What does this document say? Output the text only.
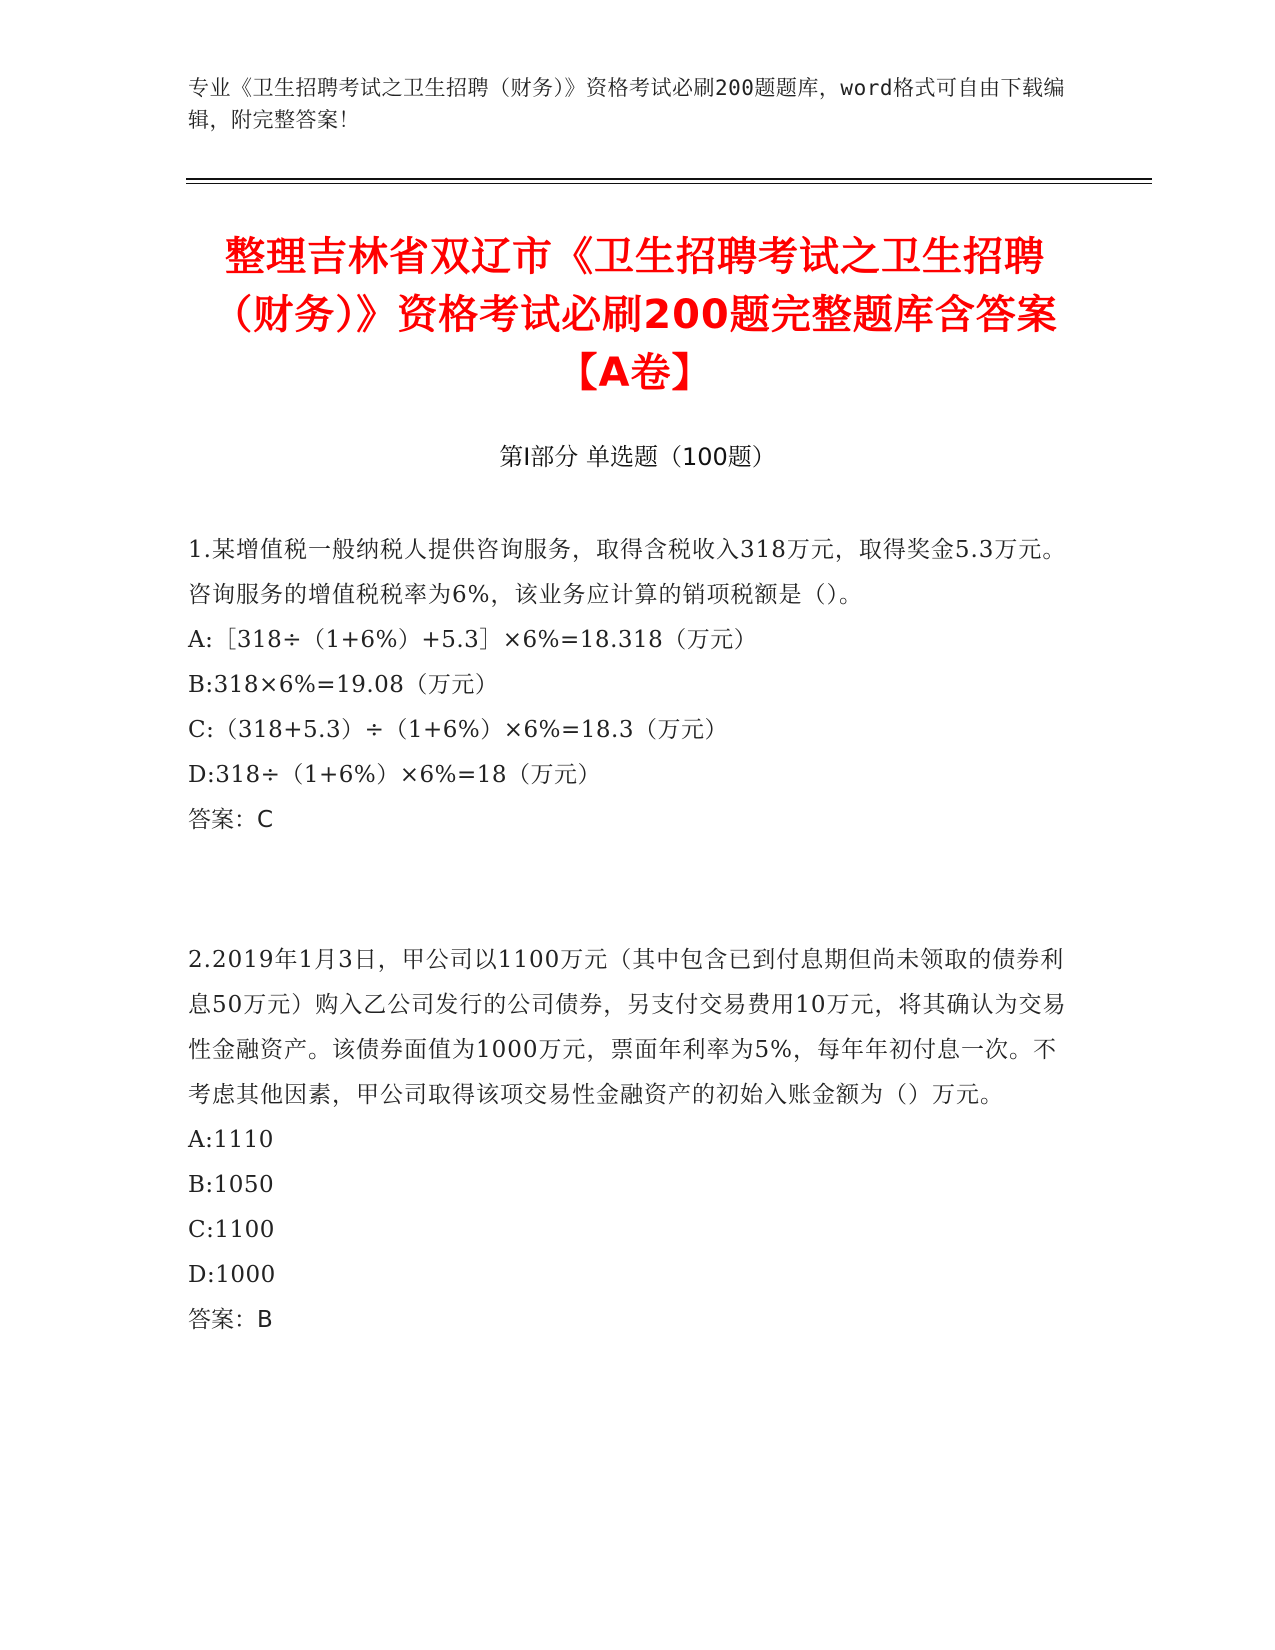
专业《卫生招聘考试之卫生招聘（财务）》资格考试必刷200题题库，word格式可自由下载编辑，附完整答案！
整理吉林省双辽市《卫生招聘考试之卫生招聘（财务）》资格考试必刷200题完整题库含答案【A卷】
第Ⅰ部分 单选题（100题）
1.某增值税一般纳税人提供咨询服务，取得含税收入318万元，取得奖金5.3万元。咨询服务的增值税税率为6%，该业务应计算的销项税额是（）。
A:［318÷（1+6%）+5.3］×6%=18.318（万元）
B:318×6%=19.08（万元）
C:（318+5.3）÷（1+6%）×6%=18.3（万元）
D:318÷（1+6%）×6%=18（万元）
答案：C
2.2019年1月3日，甲公司以1100万元（其中包含已到付息期但尚未领取的债券利息50万元）购入乙公司发行的公司债券，另支付交易费用10万元，将其确认为交易性金融资产。该债券面值为1000万元，票面年利率为5%，每年年初付息一次。不考虑其他因素，甲公司取得该项交易性金融资产的初始入账金额为（）万元。
A:1110
B:1050
C:1100
D:1000
答案：B
